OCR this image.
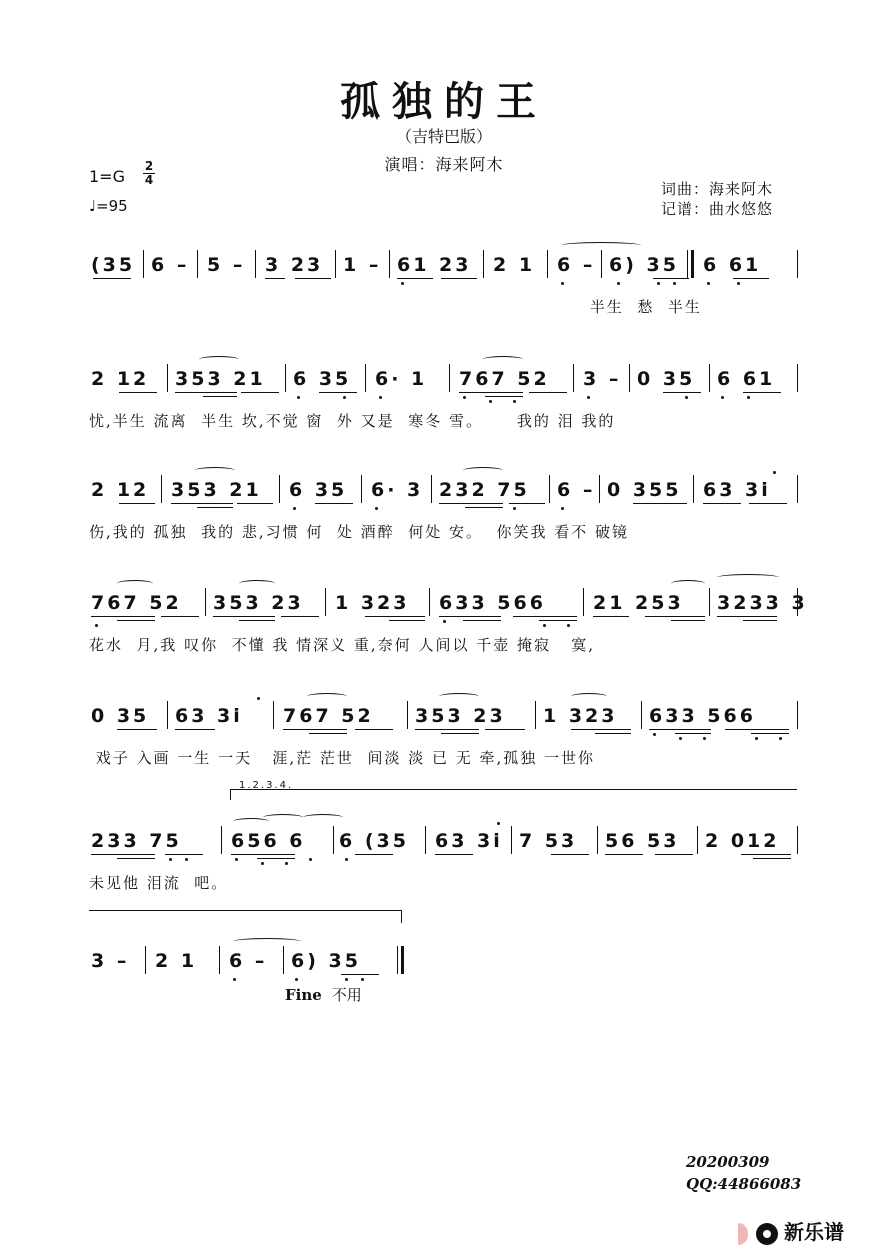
孤独的王
（吉特巴版）
演唱：海来阿木
1=G
2
4
♩=95
词曲：海来阿木
记谱：曲水悠悠
(35 6 – 5 – 3 23 1 – 61 23 2 1 6 – 6) 35 6 61
半生  愁  半生
2 12 353 21 6 35 6· 1 767 52 3 – 0 35 6 61
忧,半生 流离  半生 坎,不觉 窗  外 又是  寒冬 雪。     我的 泪 我的
2 12 353 21 6 35 6· 3 232 75 6 – 0 355 63 3i
伤,我的 孤独  我的 悲,习惯 何  处 酒醉  何处 安。  你笑我 看不 破镜
767 52 353 23 1 323 633 566 21 253 3233 3
花水  月,我 叹你  不懂 我 情深义 重,奈何 人间以 千壶 掩寂   寞,
0 35 63 3i 767 52 353 23 1 323 633 566
戏子 入画 一生 一天   涯,茫 茫世  间淡 淡 已 无 牵,孤独 一世你
1.2.3.4.
233 75	656 6 6 (35 63 3i 7 53 56 53 2 012
未见他 泪流  吧。
3 – 2 1 6 – 6) 35
Fine 不用
20200309
QQ:44866083
新乐谱
